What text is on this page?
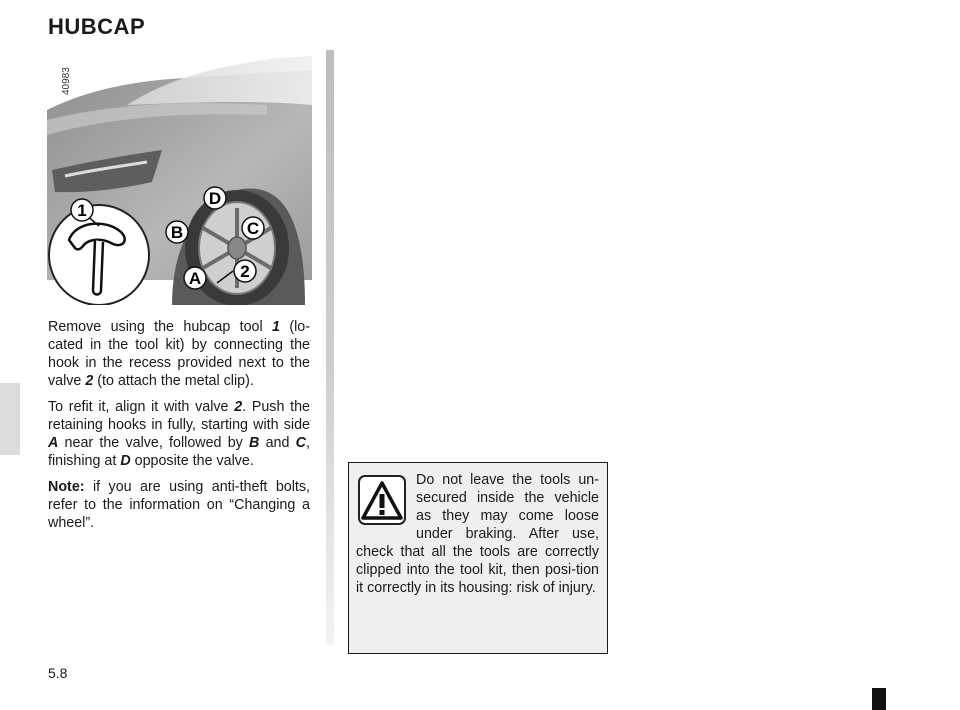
HUBCAP
1
D
B	C
2
A
40983

Remove using the hubcap tool 1 (lo-cated in the tool kit) by connecting the hook in the recess provided next to the valve 2 (to attach the metal clip).

To refit it, align it with valve 2. Push the retaining hooks in fully, starting with side A near the valve, followed by B and C, finishing at D opposite the valve.

Note: if you are using anti-theft bolts, refer to the information on “Changing a wheel”.

Do not leave the tools un-secured inside the vehicle as they may come loose under braking. After use, check that all the tools are correctly clipped into the tool kit, then posi-tion it correctly in its housing: risk of injury.
5.8
